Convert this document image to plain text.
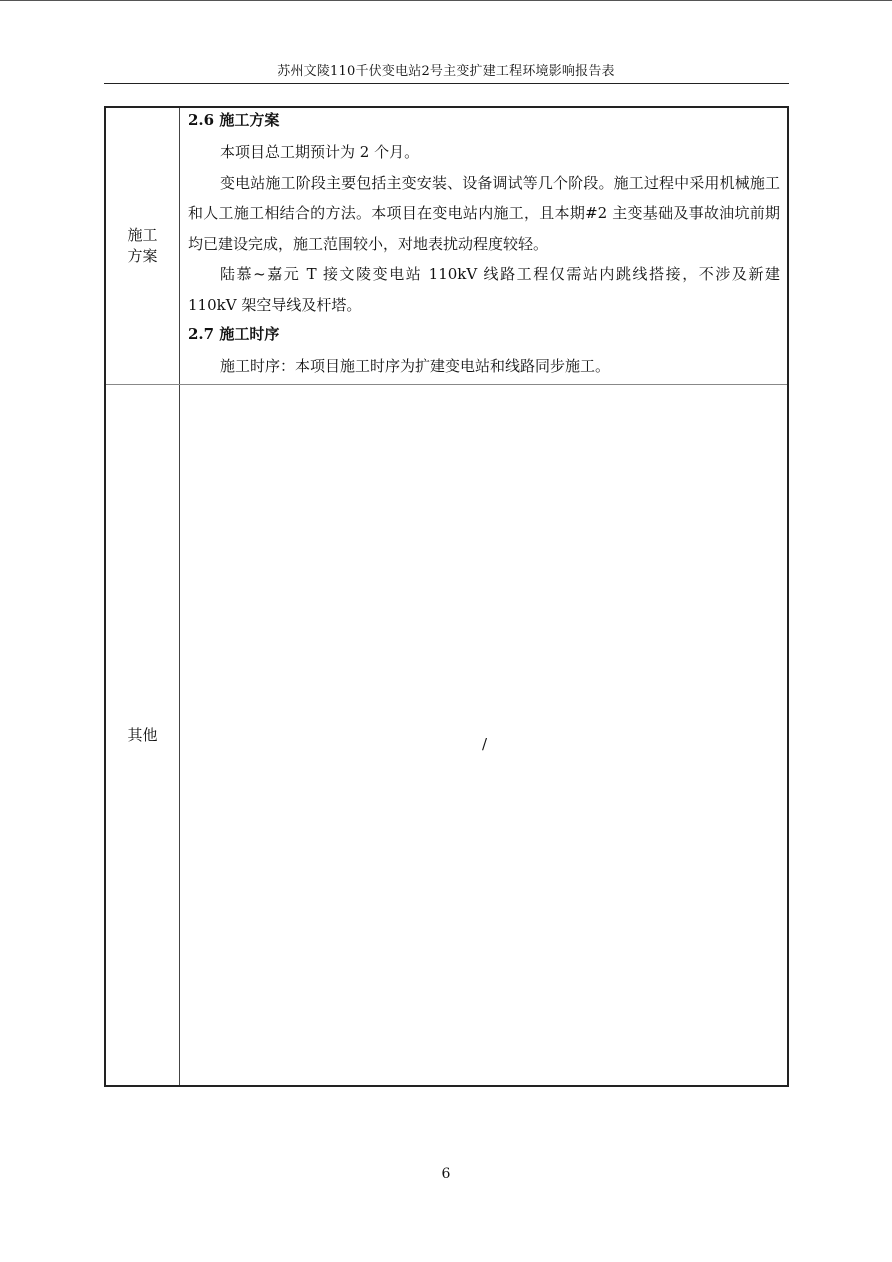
苏州文陵110千伏变电站2号主变扩建工程环境影响报告表
施工
方案
2.6 施工方案

本项目总工期预计为 2 个月。

变电站施工阶段主要包括主变安装、设备调试等几个阶段。施工过程中采用机械施工和人工施工相结合的方法。本项目在变电站内施工，且本期#2 主变基础及事故油坑前期均已建设完成，施工范围较小，对地表扰动程度较轻。

陆慕~嘉元 T 接文陵变电站 110kV 线路工程仅需站内跳线搭接，不涉及新建 110kV 架空导线及杆塔。

2.7 施工时序

施工时序：本项目施工时序为扩建变电站和线路同步施工。

其他
/
6
